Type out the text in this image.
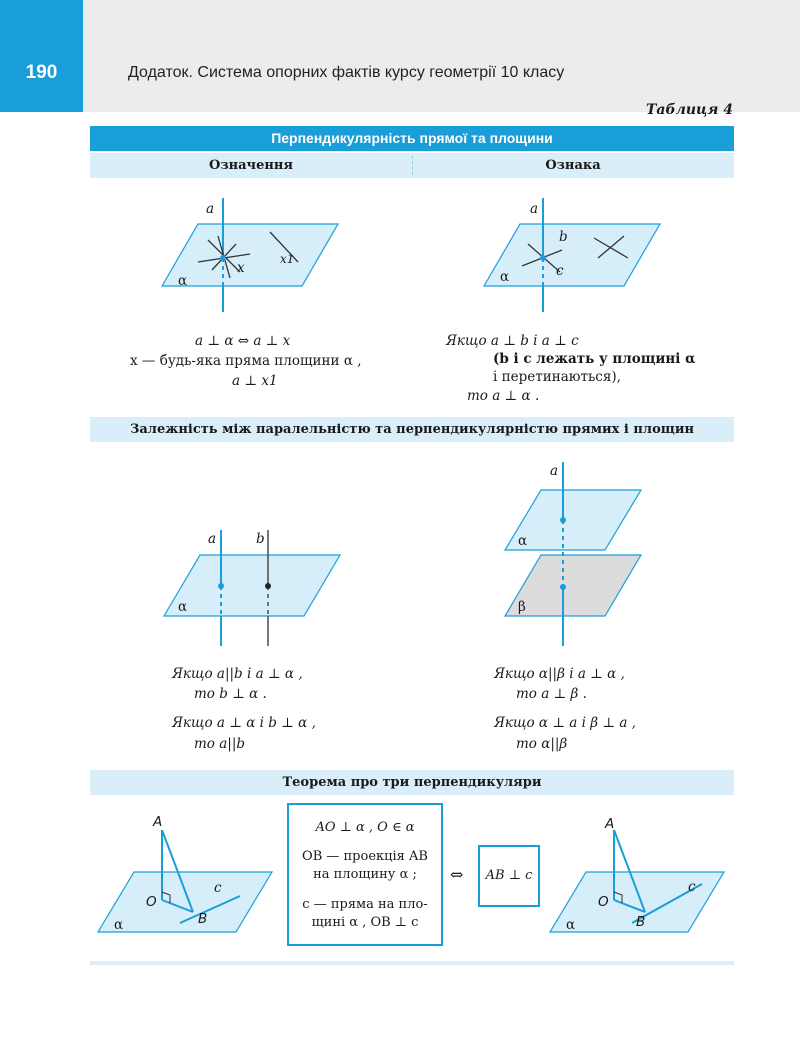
190	Додаток. Система опорних фактів курсу геометрії 10 класу
Таблиця 4
Перпендикулярність прямої та площини
Означення	Ознака
a
α
x
x1
a
b
α	c
a ⊥ α ⇔ a ⊥ x
x — будь-яка пряма площини α ,
a ⊥ x1
Якщо a ⊥ b і a ⊥ c
(b і c лежать у площині α
і перетинаються),
то a ⊥ α .
Залежність між паралельністю та перпендикулярністю прямих і площин
a	b
α
a
α
β
Якщо a||b і a ⊥ α ,
то b ⊥ α .
Якщо a ⊥ α і b ⊥ α ,
то a||b
Якщо α||β і a ⊥ α ,
то a ⊥ β .
Якщо α ⊥ a і β ⊥ a ,
то α||β
Теорема про три перпендикуляри
A
O
B
c
α
A
O
B
c
α
AO ⊥ α , O ∈ α
OB — проекція AB
на площину α ;
c — пряма на пло-
щині α , OB ⊥ c
⇔	AB ⊥ c
